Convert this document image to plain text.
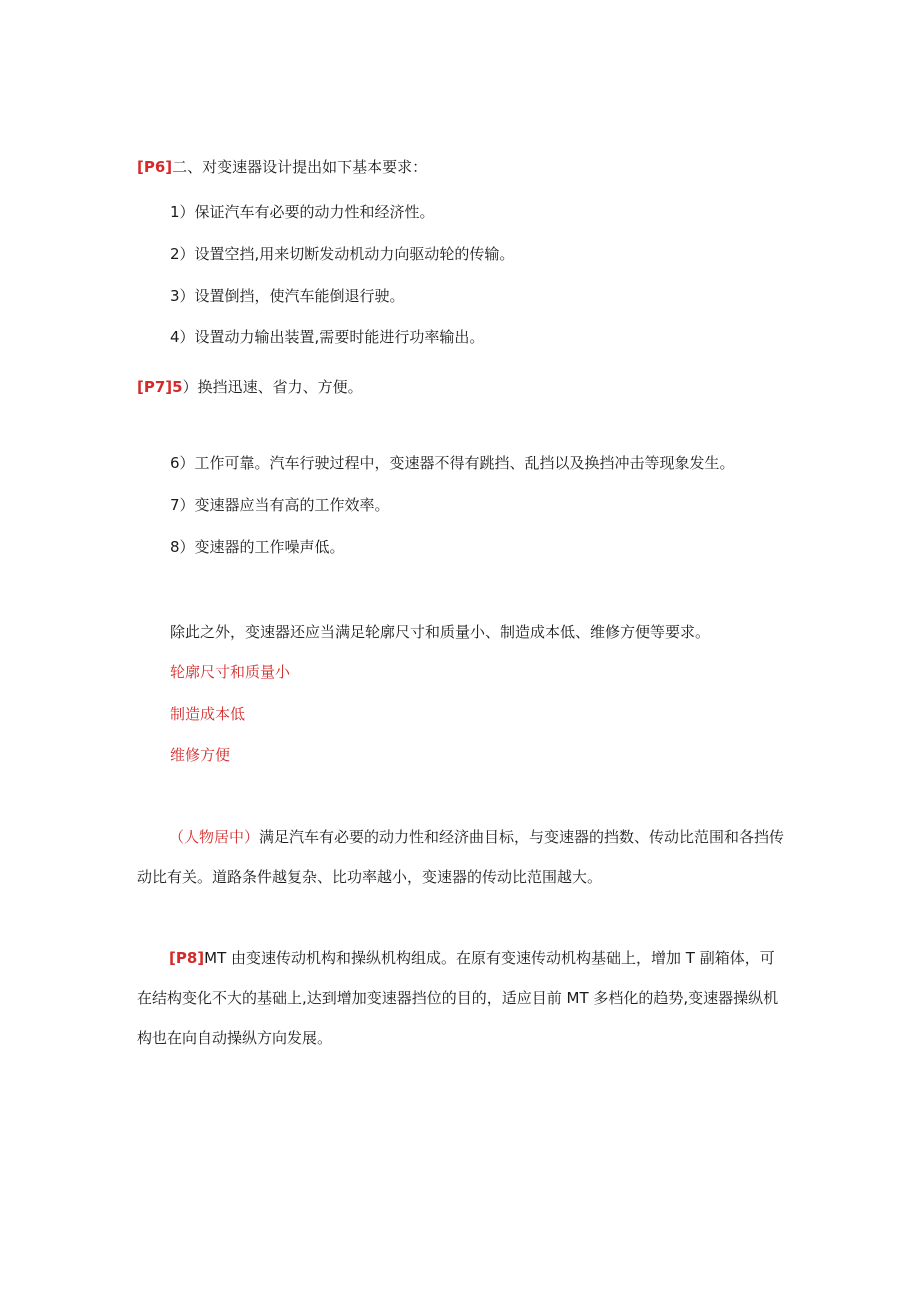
[P6]二、对变速器设计提出如下基本要求：
1）保证汽车有必要的动力性和经济性。
2）设置空挡,用来切断发动机动力向驱动轮的传输。
3）设置倒挡，使汽车能倒退行驶。
4）设置动力输出装置,需要时能进行功率输出。
[P7]5）换挡迅速、省力、方便。
6）工作可靠。汽车行驶过程中，变速器不得有跳挡、乱挡以及换挡冲击等现象发生。
7）变速器应当有高的工作效率。
8）变速器的工作噪声低。
除此之外，变速器还应当满足轮廓尺寸和质量小、制造成本低、维修方便等要求。
轮廓尺寸和质量小
制造成本低
维修方便
（人物居中）满足汽车有必要的动力性和经济曲目标，与变速器的挡数、传动比范围和各挡传动比有关。道路条件越复杂、比功率越小，变速器的传动比范围越大。
[P8]MT 由变速传动机构和操纵机构组成。在原有变速传动机构基础上，增加 T 副箱体，可在结构变化不大的基础上,达到增加变速器挡位的目的，适应目前 MT 多档化的趋势,变速器操纵机构也在向自动操纵方向发展。
